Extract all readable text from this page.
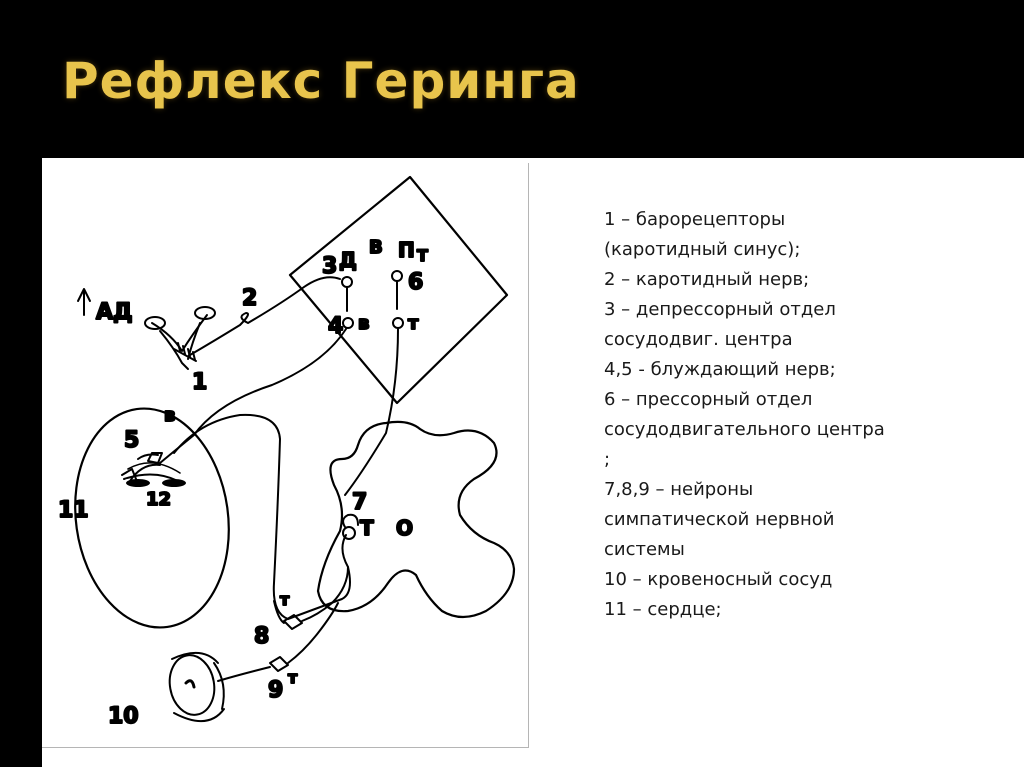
Рефлекс Геринга
АД
1
2
3 Д
В П Т
6
4 в т
в
5
12
11	7
Т О
8
т
9
т
10
1 – барорецепторы
(каротидный синус);
2 – каротидный нерв;
3 – депрессорный отдел
сосудодвиг. центра
4,5 - блуждающий нерв;
6 – прессорный отдел
сосудодвигательного центра
;
7,8,9 – нейроны
симпатической нервной
системы
10 – кровеносный сосуд
11 – сердце;
